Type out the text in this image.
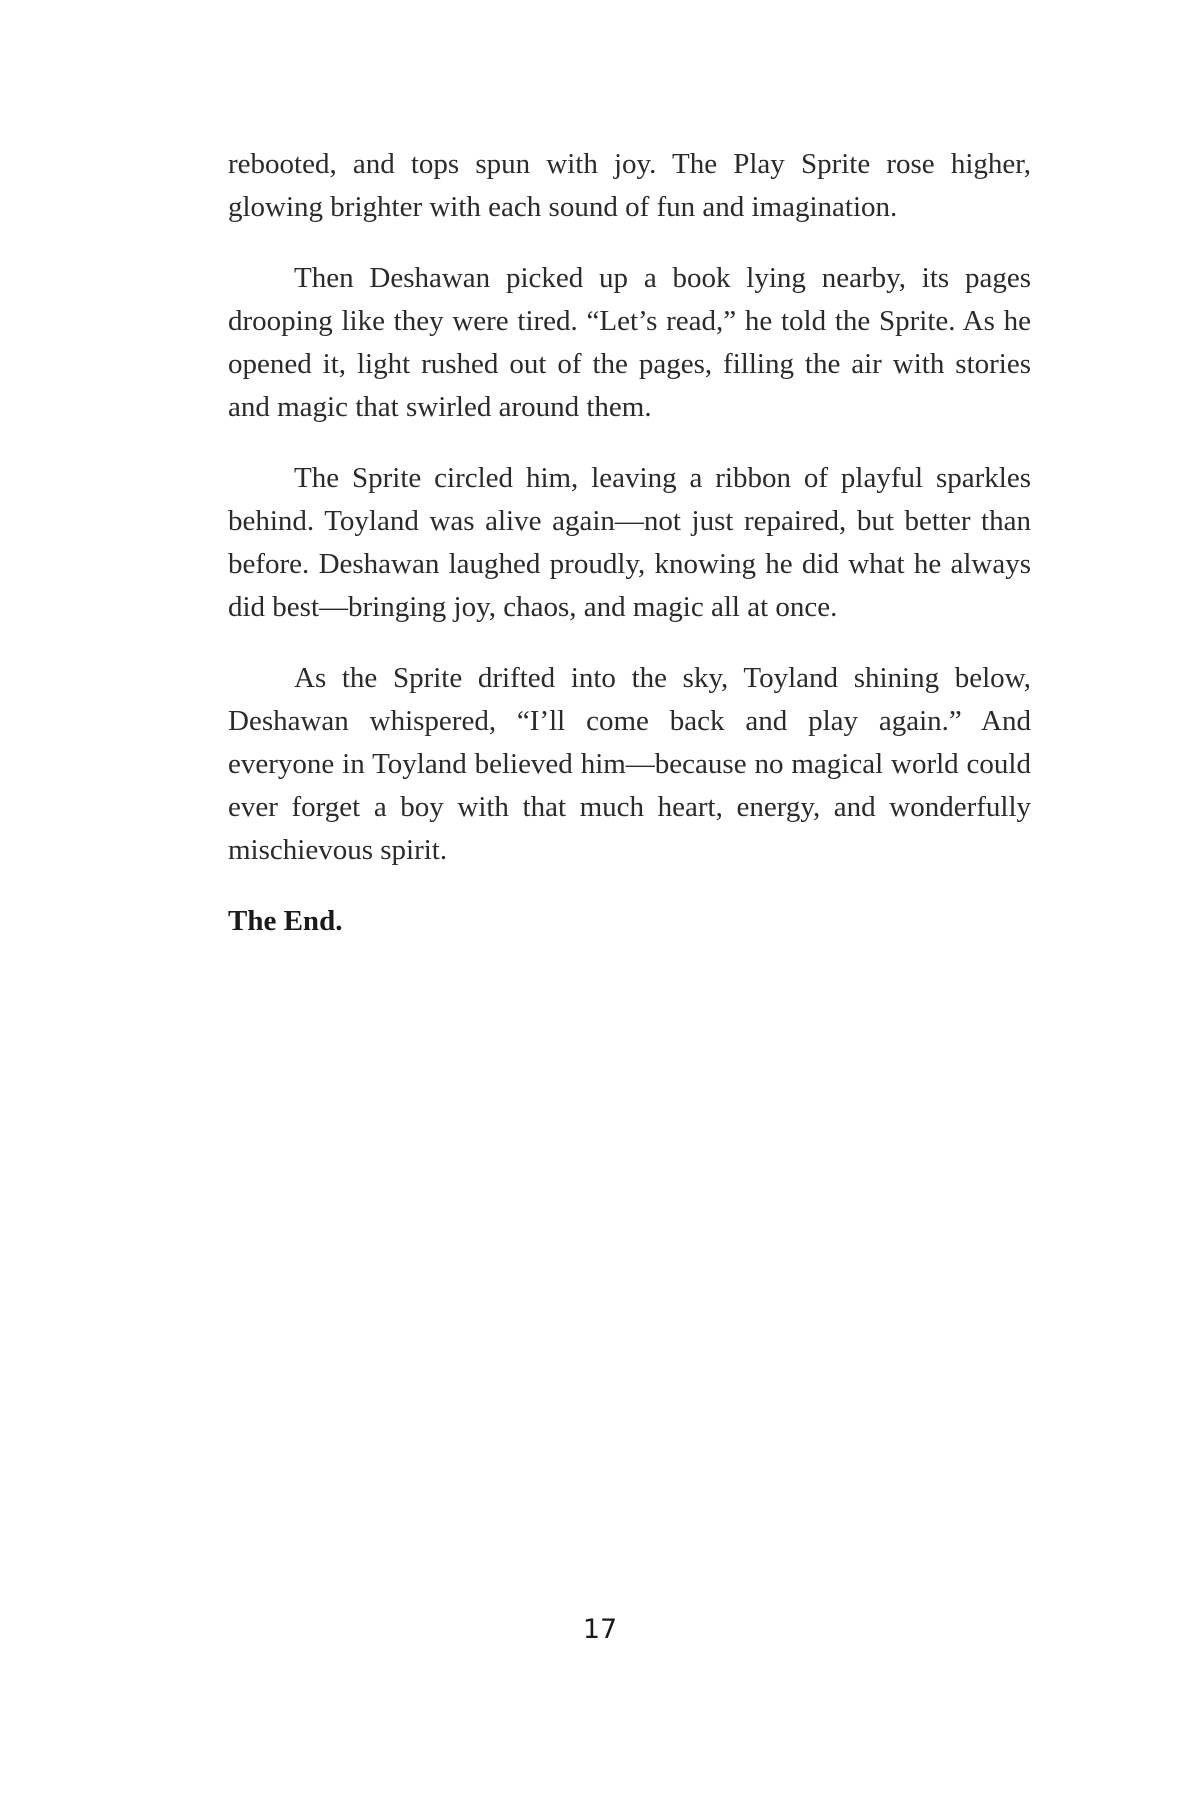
rebooted, and tops spun with joy. The Play Sprite rose higher, glowing brighter with each sound of fun and imagination.

Then Deshawan picked up a book lying nearby, its pages drooping like they were tired. “Let’s read,” he told the Sprite. As he opened it, light rushed out of the pages, filling the air with stories and magic that swirled around them.

The Sprite circled him, leaving a ribbon of playful sparkles behind. Toyland was alive again—not just repaired, but better than before. Deshawan laughed proudly, knowing he did what he always did best—bringing joy, chaos, and magic all at once.

As the Sprite drifted into the sky, Toyland shining below, Deshawan whispered, “I’ll come back and play again.” And everyone in Toyland believed him—because no magical world could ever forget a boy with that much heart, energy, and wonderfully mischievous spirit.

The End.

17
